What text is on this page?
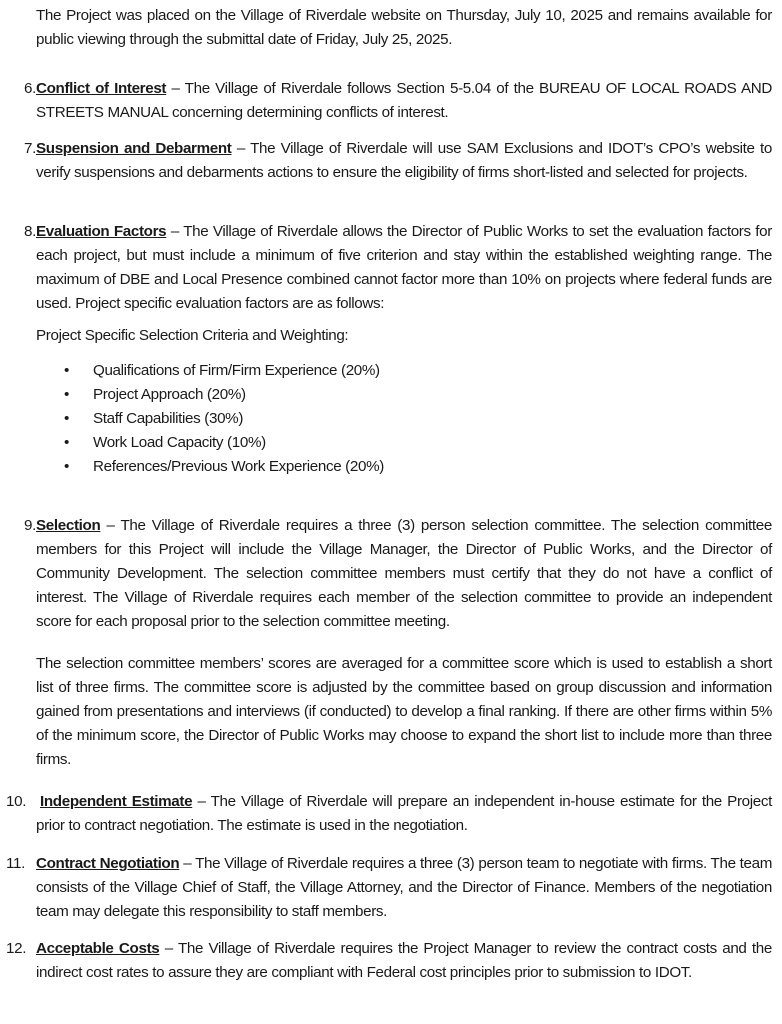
The Project was placed on the Village of Riverdale website on Thursday, July 10, 2025 and remains available for public viewing through the submittal date of Friday, July 25, 2025.

6. Conflict of Interest – The Village of Riverdale follows Section 5-5.04 of the BUREAU OF LOCAL ROADS AND STREETS MANUAL concerning determining conflicts of interest.
7. Suspension and Debarment – The Village of Riverdale will use SAM Exclusions and IDOT’s CPO’s website to verify suspensions and debarments actions to ensure the eligibility of firms short-listed and selected for projects.
8. Evaluation Factors – The Village of Riverdale allows the Director of Public Works to set the evaluation factors for each project, but must include a minimum of five criterion and stay within the established weighting range. The maximum of DBE and Local Presence combined cannot factor more than 10% on projects where federal funds are used. Project specific evaluation factors are as follows:

Project Specific Selection Criteria and Weighting:

• Qualifications of Firm/Firm Experience (20%)
• Project Approach (20%)
• Staff Capabilities (30%)
• Work Load Capacity (10%)
• References/Previous Work Experience (20%)
9. Selection – The Village of Riverdale requires a three (3) person selection committee. The selection committee members for this Project will include the Village Manager, the Director of Public Works, and the Director of Community Development. The selection committee members must certify that they do not have a conflict of interest. The Village of Riverdale requires each member of the selection committee to provide an independent score for each proposal prior to the selection committee meeting.

The selection committee members’ scores are averaged for a committee score which is used to establish a short list of three firms. The committee score is adjusted by the committee based on group discussion and information gained from presentations and interviews (if conducted) to develop a final ranking. If there are other firms within 5% of the minimum score, the Director of Public Works may choose to expand the short list to include more than three firms.

10. Independent Estimate – The Village of Riverdale will prepare an independent in-house estimate for the Project prior to contract negotiation. The estimate is used in the negotiation.
11. Contract Negotiation – The Village of Riverdale requires a three (3) person team to negotiate with firms. The team consists of the Village Chief of Staff, the Village Attorney, and the Director of Finance. Members of the negotiation team may delegate this responsibility to staff members.
12. Acceptable Costs – The Village of Riverdale requires the Project Manager to review the contract costs and the indirect cost rates to assure they are compliant with Federal cost principles prior to submission to IDOT.
